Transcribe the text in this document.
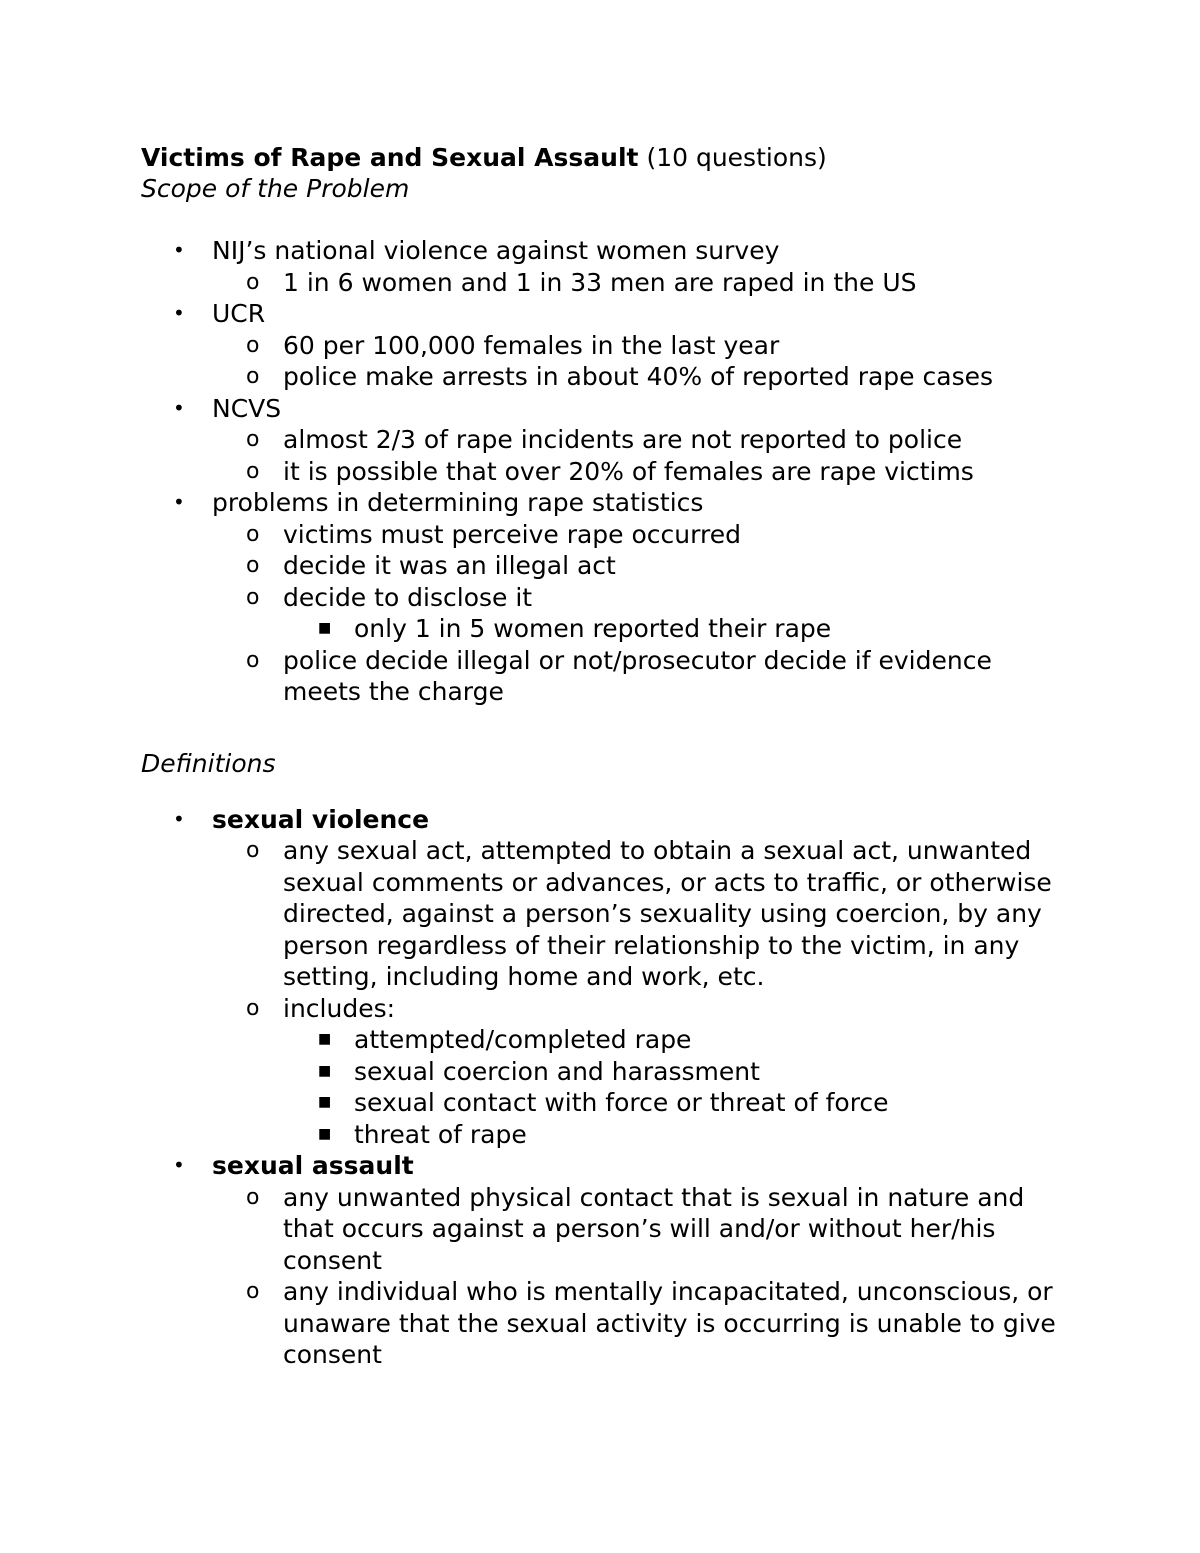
Victims of Rape and Sexual Assault (10 questions)
Scope of the Problem
•	NIJ’s national violence against women survey
o 1 in 6 women and 1 in 33 men are raped in the US
•	UCR
o 60 per 100,000 females in the last year
o police make arrests in about 40% of reported rape cases
•	NCVS
o almost 2/3 of rape incidents are not reported to police
o it is possible that over 20% of females are rape victims
•	problems in determining rape statistics
o victims must perceive rape occurred
o decide it was an illegal act
o decide to disclose it
■ only 1 in 5 women reported their rape
o police decide illegal or not/prosecutor decide if evidence meets the charge
Definitions
•	sexual violence
o any sexual act, attempted to obtain a sexual act, unwanted sexual comments or advances, or acts to traffic, or otherwise directed, against a person’s sexuality using coercion, by any person regardless of their relationship to the victim, in any setting, including home and work, etc.
o includes:
■ attempted/completed rape
■ sexual coercion and harassment
■ sexual contact with force or threat of force
■ threat of rape
•	sexual assault
o any unwanted physical contact that is sexual in nature and that occurs against a person’s will and/or without her/his consent
o any individual who is mentally incapacitated, unconscious, or unaware that the sexual activity is occurring is unable to give consent
